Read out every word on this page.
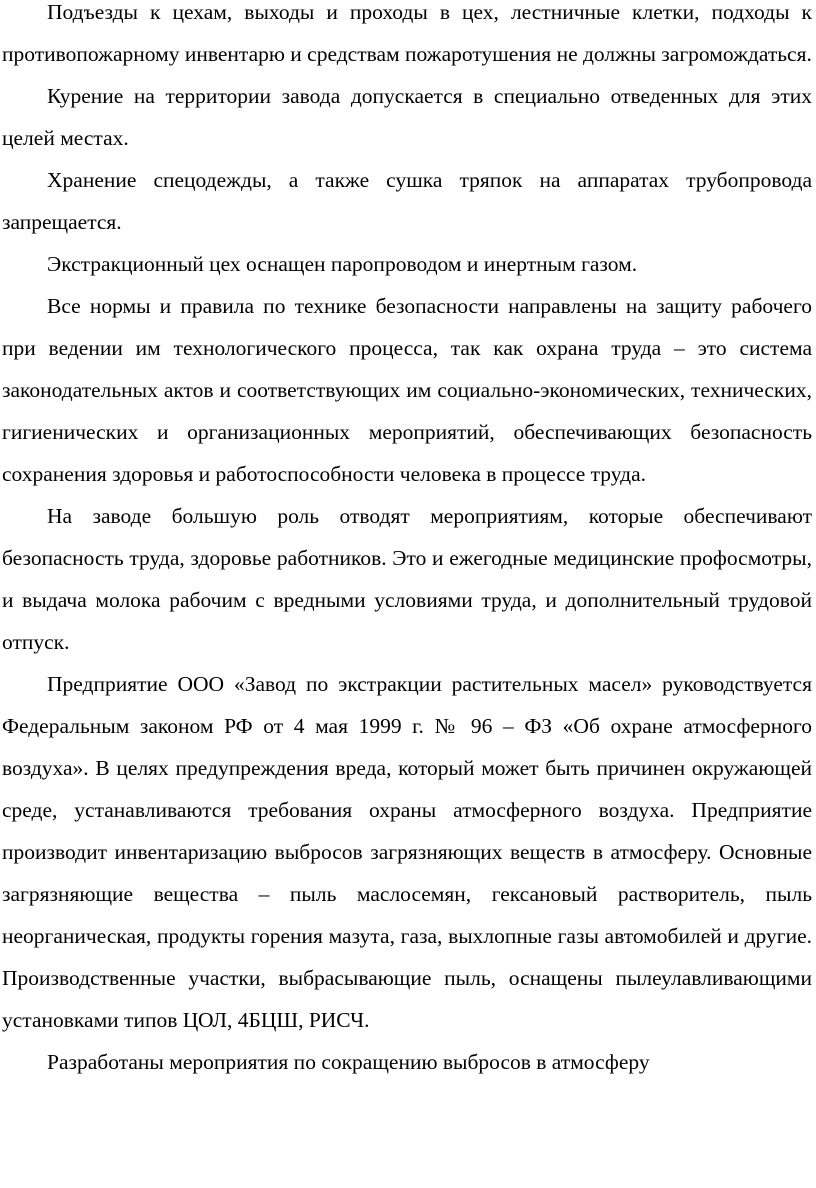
Подъезды к цехам, выходы и проходы в цех, лестничные клетки, подходы к противопожарному инвентарю и средствам пожаротушения не должны загромождаться.

Курение на территории завода допускается в специально отведенных для этих целей местах.

Хранение спецодежды, а также сушка тряпок на аппаратах трубопровода запрещается.

Экстракционный цех оснащен паропроводом и инертным газом.

Все нормы и правила по технике безопасности направлены на защиту рабочего при ведении им технологического процесса, так как охрана труда – это система законодательных актов и соответствующих им социально-экономических, технических, гигиенических и организационных мероприятий, обеспечивающих безопасность сохранения здоровья и работоспособности человека в процессе труда.

На заводе большую роль отводят мероприятиям, которые обеспечивают безопасность труда, здоровье работников. Это и ежегодные медицинские профосмотры, и выдача молока рабочим с вредными условиями труда, и дополнительный трудовой отпуск.

Предприятие ООО «Завод по экстракции растительных масел» руководствуется Федеральным законом РФ от 4 мая 1999 г. № 96 – ФЗ «Об охране атмосферного воздуха». В целях предупреждения вреда, который может быть причинен окружающей среде, устанавливаются требования охраны атмосферного воздуха. Предприятие производит инвентаризацию выбросов загрязняющих веществ в атмосферу. Основные загрязняющие вещества – пыль маслосемян, гексановый растворитель, пыль неорганическая, продукты горения мазута, газа, выхлопные газы автомобилей и другие. Производственные участки, выбрасывающие пыль, оснащены пылеулавливающими установками типов ЦОЛ, 4БЦШ, РИСЧ.

Разработаны мероприятия по сокращению выбросов в атмосферу
